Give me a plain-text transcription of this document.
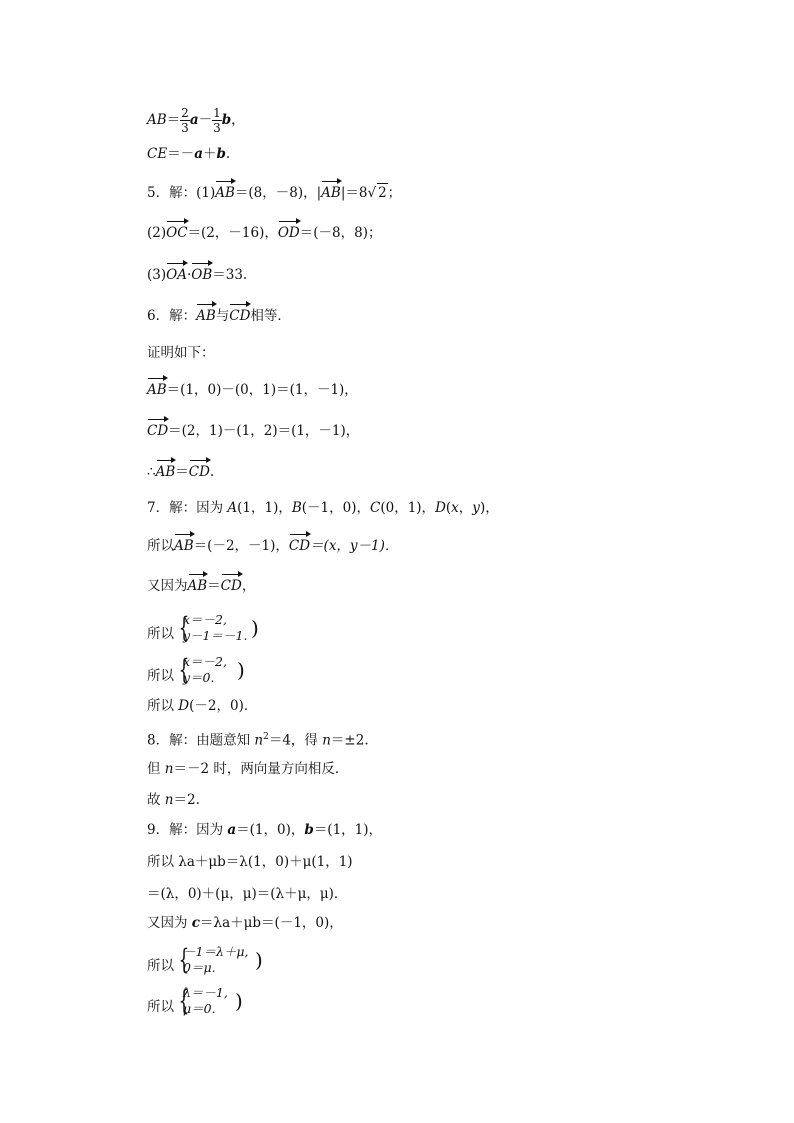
$AB= \frac{2}{3} a- \frac{1}{3}$ b，
CE＝－a＋b.
5．解：(1)AB＝(8，－8)，|AB|＝8√ 2；
(2)OC＝(2，－16)，OD＝(－8，8)；
(3)OA·OB＝33.
6．解：AB与CD相等．
证明如下：
AB＝(1，0)－(0，1)＝(1，－1)，
CD＝(2，1)－(1，2)＝(1，－1)，
∴AB＝CD.
7．解：因为 A(1，1)，B(－1，0)，C(0，1)，D(x，y)，
所以AB＝(－2，－1)，CD＝(x，y－1)．
又因为AB＝CD，
所以 {
x＝－2,
y－1＝－1. )
所以 {
x＝－2,
y＝0.	)
所以 D(－2，0)．
8．解：由题意知 $n^2=4$，得 n＝±2.
但 n＝－2 时，两向量方向相反．
故 n＝2.
9．解：因为 a＝(1，0)，b＝(1，1)，
所以 λa＋μb＝λ(1，0)＋μ(1，1)
＝(λ，0)＋(μ，μ)＝(λ＋μ，μ)．
又因为 c＝λa＋μb＝(－1，0)，
所以 {
－1＝λ＋μ,
0＝μ.	)
所以 {
λ＝－1,
μ＝0. )
